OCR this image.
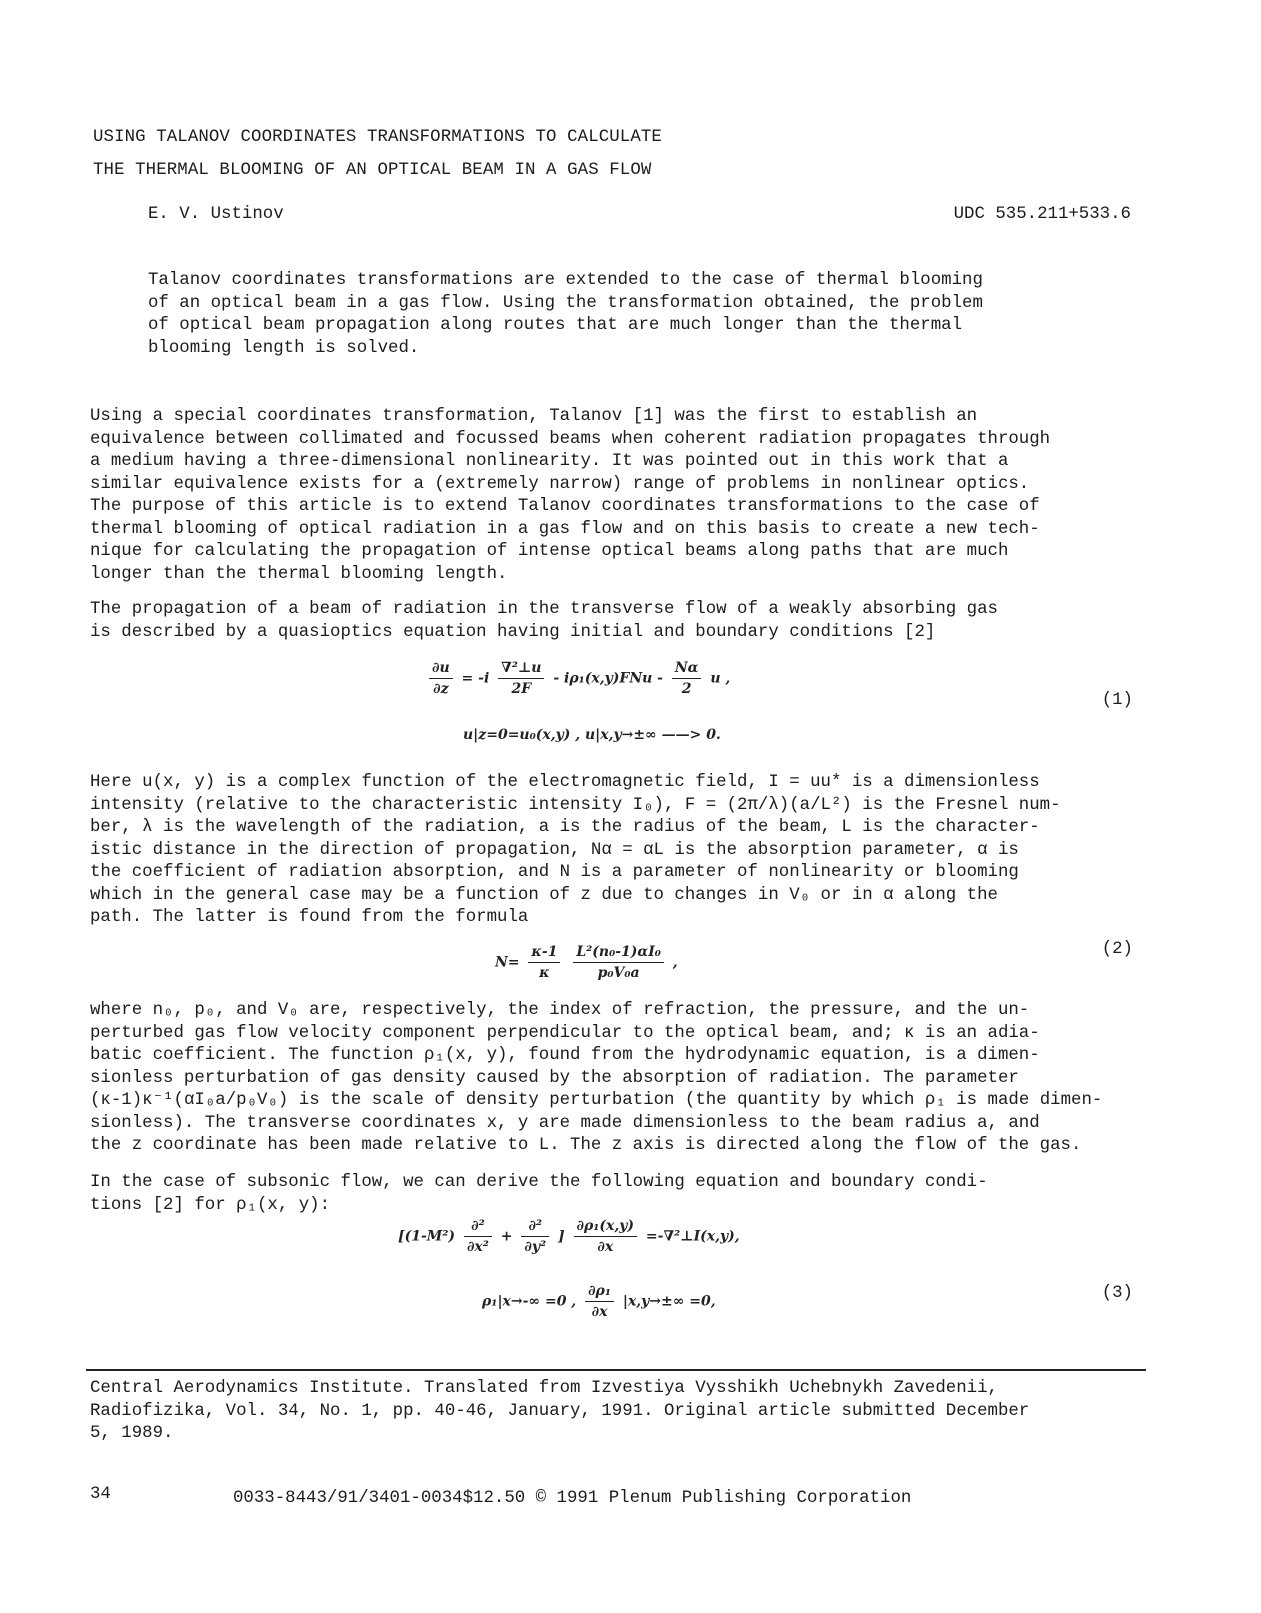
USING TALANOV COORDINATES TRANSFORMATIONS TO CALCULATE
THE THERMAL BLOOMING OF AN OPTICAL BEAM IN A GAS FLOW
E. V. Ustinov	UDC 535.211+533.6
Talanov coordinates transformations are extended to the case of thermal blooming
of an optical beam in a gas flow. Using the transformation obtained, the problem
of optical beam propagation along routes that are much longer than the thermal
blooming length is solved.
Using a special coordinates transformation, Talanov [1] was the first to establish an
equivalence between collimated and focussed beams when coherent radiation propagates through
a medium having a three-dimensional nonlinearity. It was pointed out in this work that a
similar equivalence exists for a (extremely narrow) range of problems in nonlinear optics.
The purpose of this article is to extend Talanov coordinates transformations to the case of
thermal blooming of optical radiation in a gas flow and on this basis to create a new tech-
nique for calculating the propagation of intense optical beams along paths that are much
longer than the thermal blooming length.
The propagation of a beam of radiation in the transverse flow of a weakly absorbing gas
is described by a quasioptics equation having initial and boundary conditions [2]
$\frac{\partial u}{\partial z} = -i \frac{\text{∇²⊥u}}{2F} - i\rho_1(x,y)FNu - \frac{N\alpha}{2}$ u ,
u|z=0=u₀(x,y) , u|x,y→±∞ ——> 0.
(1)
Here u(x, y) is a complex function of the electromagnetic field, I = uu* is a dimensionless
intensity (relative to the characteristic intensity I₀), F = (2π/λ)(a/L²) is the Fresnel num-
ber, λ is the wavelength of the radiation, a is the radius of the beam, L is the character-
istic distance in the direction of propagation, Nα = αL is the absorption parameter, α is
the coefficient of radiation absorption, and N is a parameter of nonlinearity or blooming
which in the general case may be a function of z due to changes in V₀ or in α along the
path. The latter is found from the formula
$N= \frac{\kappa-1}{\kappa}$
$\frac{\text{L²(n₀-1)αI₀}}{\text{p₀V₀a}}$ ,
(2)
where n₀, p₀, and V₀ are, respectively, the index of refraction, the pressure, and the un-
perturbed gas flow velocity component perpendicular to the optical beam, and; κ is an adia-
batic coefficient. The function ρ₁(x, y), found from the hydrodynamic equation, is a dimen-
sionless perturbation of gas density caused by the absorption of radiation. The parameter
(κ-1)κ⁻¹(αI₀a/p₀V₀) is the scale of density perturbation (the quantity by which ρ₁ is made dimen-
sionless). The transverse coordinates x, y are made dimensionless to the beam radius a, and
the z coordinate has been made relative to L. The z axis is directed along the flow of the gas.
In the case of subsonic flow, we can derive the following equation and boundary condi-
tions [2] for ρ₁(x, y):
[$(1-M^2) \frac{\text{∂²}}{\text{∂x²}} + \frac{\text{∂²}}{\text{∂y²}}$ ] $\frac{\text{∂ρ₁(x,y)}}{\partial x}$ =-∇²⊥I(x,y),
ρ₁|x→-∞ =0 , $\frac{\text{∂ρ₁}}{\partial x} |x,y\to\pm\infty =0$,	(3)
Central Aerodynamics Institute. Translated from Izvestiya Vysshikh Uchebnykh Zavedenii,
Radiofizika, Vol. 34, No. 1, pp. 40-46, January, 1991. Original article submitted December
5, 1989.
34	0033-8443/91/3401-0034$12.50 © 1991 Plenum Publishing Corporation
